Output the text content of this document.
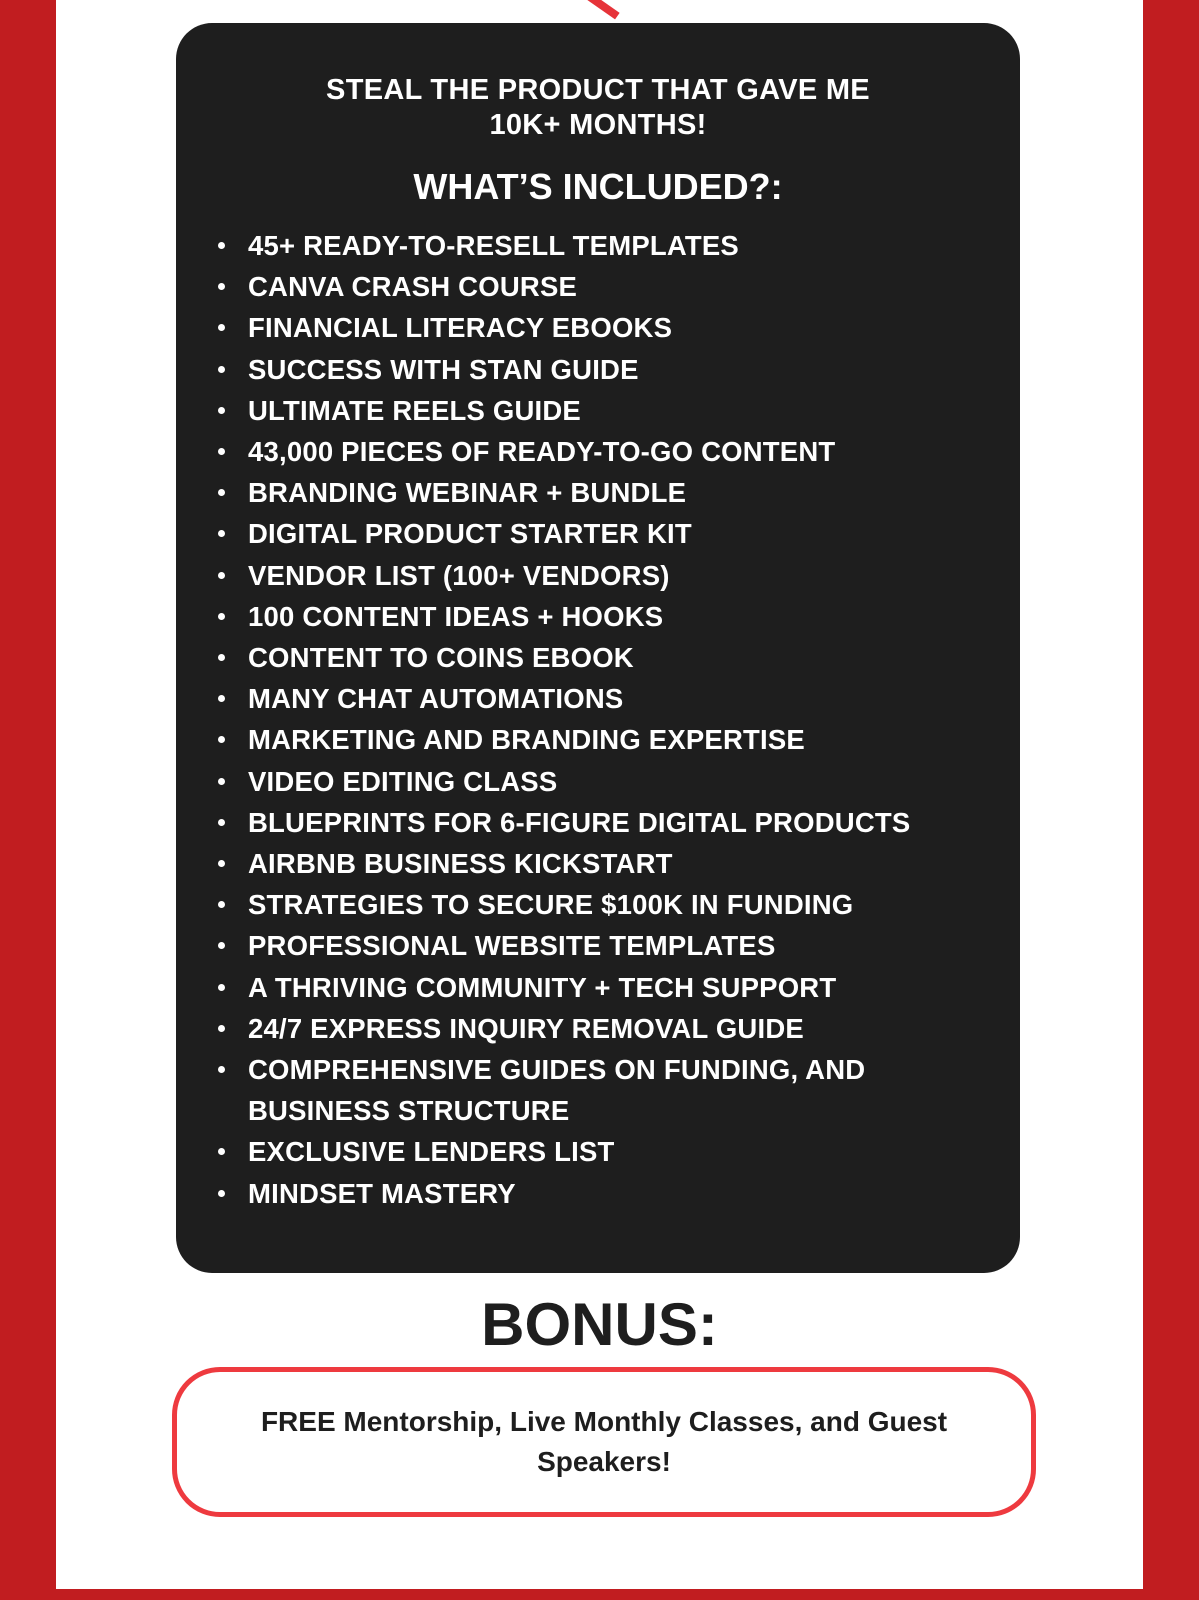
STEAL THE PRODUCT THAT GAVE ME
10K+ MONTHS!
WHAT’S INCLUDED?:
45+ READY-TO-RESELL TEMPLATES
CANVA CRASH COURSE
FINANCIAL LITERACY EBOOKS
SUCCESS WITH STAN GUIDE
ULTIMATE REELS GUIDE
43,000 PIECES OF READY-TO-GO CONTENT
BRANDING WEBINAR + BUNDLE
DIGITAL PRODUCT STARTER KIT
VENDOR LIST (100+ VENDORS)
100 CONTENT IDEAS + HOOKS
CONTENT TO COINS EBOOK
MANY CHAT AUTOMATIONS
MARKETING AND BRANDING EXPERTISE
VIDEO EDITING CLASS
BLUEPRINTS FOR 6-FIGURE DIGITAL PRODUCTS
AIRBNB BUSINESS KICKSTART
STRATEGIES TO SECURE $100K IN FUNDING
PROFESSIONAL WEBSITE TEMPLATES
A THRIVING COMMUNITY + TECH SUPPORT
24/7 EXPRESS INQUIRY REMOVAL GUIDE
COMPREHENSIVE GUIDES ON FUNDING, AND BUSINESS STRUCTURE
EXCLUSIVE LENDERS LIST
MINDSET MASTERY
BONUS:
FREE Mentorship, Live Monthly Classes, and Guest Speakers!
